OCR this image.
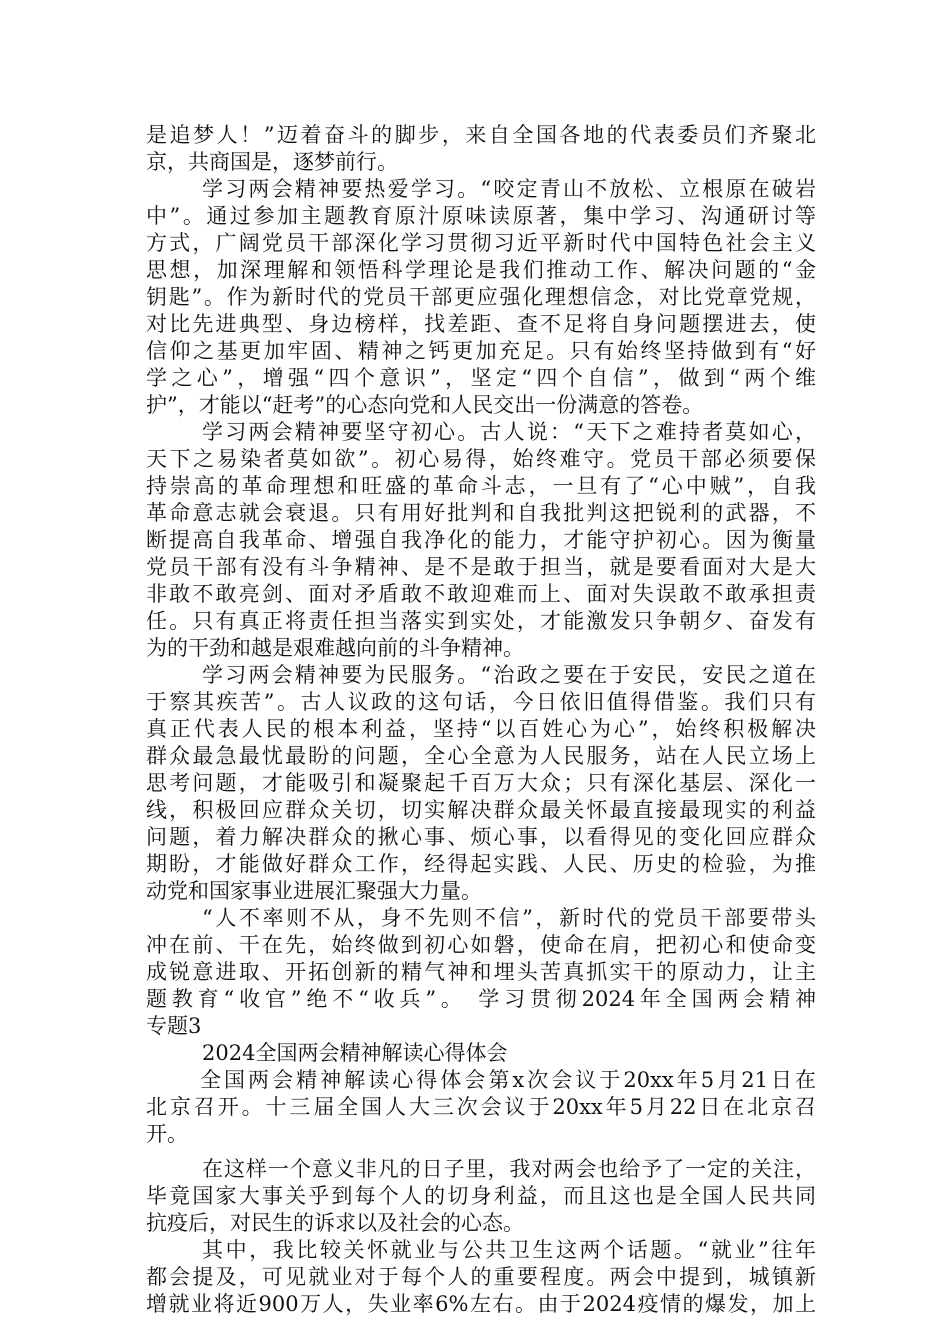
是追梦人！”迈着奋斗的脚步，来自全国各地的代表委员们齐聚北
京，共商国是，逐梦前行。
学习两会精神要热爱学习。“咬定青山不放松、立根原在破岩
中”。通过参加主题教育原汁原味读原著，集中学习、沟通研讨等
方式，广阔党员干部深化学习贯彻习近平新时代中国特色社会主义
思想，加深理解和领悟科学理论是我们推动工作、解决问题的“金
钥匙”。作为新时代的党员干部更应强化理想信念，对比党章党规，
对比先进典型、身边榜样，找差距、查不足将自身问题摆进去，使
信仰之基更加牢固、精神之钙更加充足。只有始终坚持做到有“好
学之心”，增强“四个意识”，坚定“四个自信”，做到“两个维
护”，才能以“赶考”的心态向党和人民交出一份满意的答卷。
学习两会精神要坚守初心。古人说：“天下之难持者莫如心，
天下之易染者莫如欲”。初心易得，始终难守。党员干部必须要保
持崇高的革命理想和旺盛的革命斗志，一旦有了“心中贼”，自我
革命意志就会衰退。只有用好批判和自我批判这把锐利的武器，不
断提高自我革命、增强自我净化的能力，才能守护初心。因为衡量
党员干部有没有斗争精神、是不是敢于担当，就是要看面对大是大
非敢不敢亮剑、面对矛盾敢不敢迎难而上、面对失误敢不敢承担责
任。只有真正将责任担当落实到实处，才能激发只争朝夕、奋发有
为的干劲和越是艰难越向前的斗争精神。
学习两会精神要为民服务。“治政之要在于安民，安民之道在
于察其疾苦”。古人议政的这句话，今日依旧值得借鉴。我们只有
真正代表人民的根本利益，坚持“以百姓心为心”，始终积极解决
群众最急最忧最盼的问题，全心全意为人民服务，站在人民立场上
思考问题，才能吸引和凝聚起千百万大众；只有深化基层、深化一
线，积极回应群众关切，切实解决群众最关怀最直接最现实的利益
问题，着力解决群众的揪心事、烦心事，以看得见的变化回应群众
期盼，才能做好群众工作，经得起实践、人民、历史的检验，为推
动党和国家事业进展汇聚强大力量。
“人不率则不从，身不先则不信”，新时代的党员干部要带头
冲在前、干在先，始终做到初心如磐，使命在肩，把初心和使命变
成锐意进取、开拓创新的精气神和埋头苦真抓实干的原动力，让主
题教育“收官”绝不“收兵”。 学习贯彻2024年全国两会精神
专题3
2024全国两会精神解读心得体会
全国两会精神解读心得体会第x次会议于20xx年5月21日在
北京召开。十三届全国人大三次会议于20xx年5月22日在北京召
开。
在这样一个意义非凡的日子里，我对两会也给予了一定的关注，
毕竟国家大事关乎到每个人的切身利益，而且这也是全国人民共同
抗疫后，对民生的诉求以及社会的心态。
其中，我比较关怀就业与公共卫生这两个话题。“就业”往年
都会提及，可见就业对于每个人的重要程度。两会中提到，城镇新
增就业将近900万人，失业率6%左右。由于2024疫情的爆发，加上
